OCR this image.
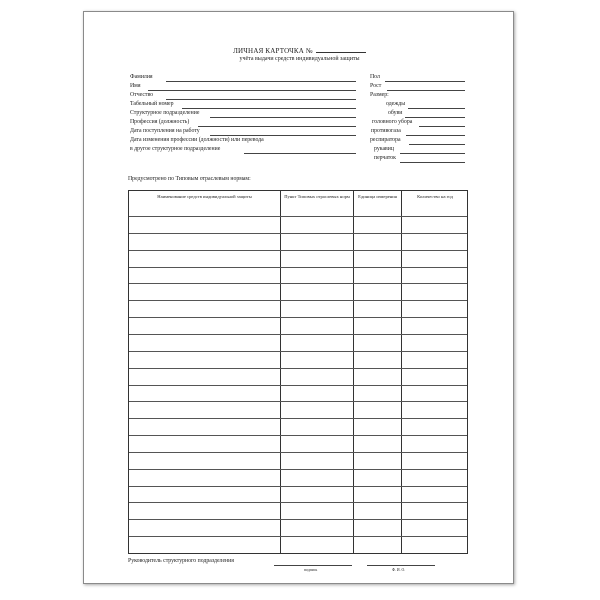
ЛИЧНАЯ КАРТОЧКА №
учёта выдачи средств индивидуальной защиты
Фамилия
Имя
Отчество
Табельный номер
Структурное подразделение
Профессия (должность)
Дата поступления на работу
Дата изменения профессии (должности) или перевода
в другое структурное подразделение
Пол
Рост
Размер:
одежды
обуви
головного убора
противогаза
респиратора
рукавиц
перчаток
Предусмотрено по Типовым отраслевым нормам:
Наименование средств индивидуальной защиты	Пункт Типовых отраслевых норм	Единица измерения	Количество на год
Руководитель структурного подразделения
подпись	Ф. И. О.
